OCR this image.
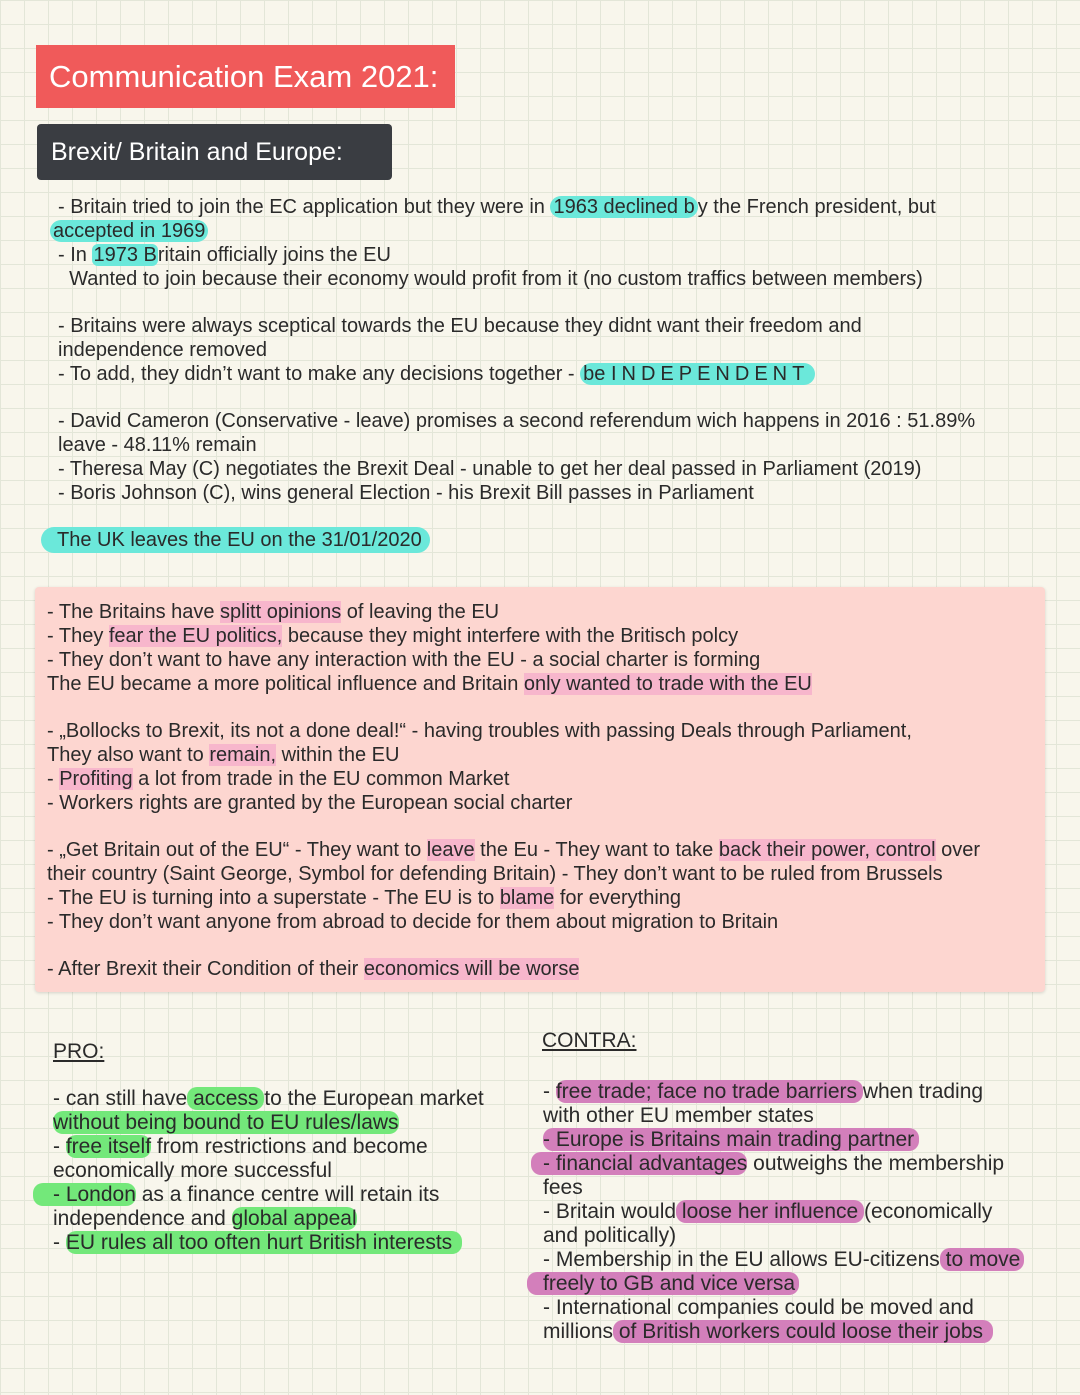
Communication Exam 2021:
Brexit/ Britain and Europe:
- Britain tried to join the EC application but they were in 1963 declined b y the French president, but
accepted in 1969
- In 1973 Britain officially joins the EU
Wanted to join because their economy would profit from it (no custom traffics between members)
- Britains were always sceptical towards the EU because they didnt want their freedom and
independence removed
- To add, they didn’t want to make any decisions together - be INDEPENDENT
- David Cameron (Conservative - leave) promises a second referendum wich happens in 2016 : 51.89%
leave - 48.11% remain
- Theresa May (C) negotiates the Brexit Deal - unable to get her deal passed in Parliament (2019)
- Boris Johnson (C), wins general Election - his Brexit Bill passes in Parliament
The UK leaves the EU on the 31/01/2020
- The Britains have splitt opinions of leaving the EU
- They fear the EU politics, because they might interfere with the Britisch polcy
- They don’t want to have any interaction with the EU - a social charter is forming
The EU became a more political influence and Britain only wanted to trade with the EU
- „Bollocks to Brexit, its not a done deal!“ - having troubles with passing Deals through Parliament,
They also want to remain, within the EU
- Profiting a lot from trade in the EU common Market
- Workers rights are granted by the European social charter
- „Get Britain out of the EU“ - They want to leave the Eu - They want to take back their power, control over
their country (Saint George, Symbol for defending Britain) - They don’t want to be ruled from Brussels
- The EU is turning into a superstate - The EU is to blame for everything
- They don’t want anyone from abroad to decide for them about migration to Britain
- After Brexit their Condition of their economics will be worse
PRO:
- can still have access to the European market
without being bound to EU rules/laws
- free itself from restrictions and become
economically more successful
- London as a finance centre will retain its
independence and global appeal
- EU rules all too often hurt British interests
CONTRA:
- free trade; face no trade barriers when trading
with other EU member states
- Europe is Britains main trading partner
- financial advantages outweighs the membership
fees
- Britain would loose her influence (economically
and politically)
- Membership in the EU allows EU-citizens to move
freely to GB and vice versa
- International companies could be moved and
millions of British workers could loose their jobs
